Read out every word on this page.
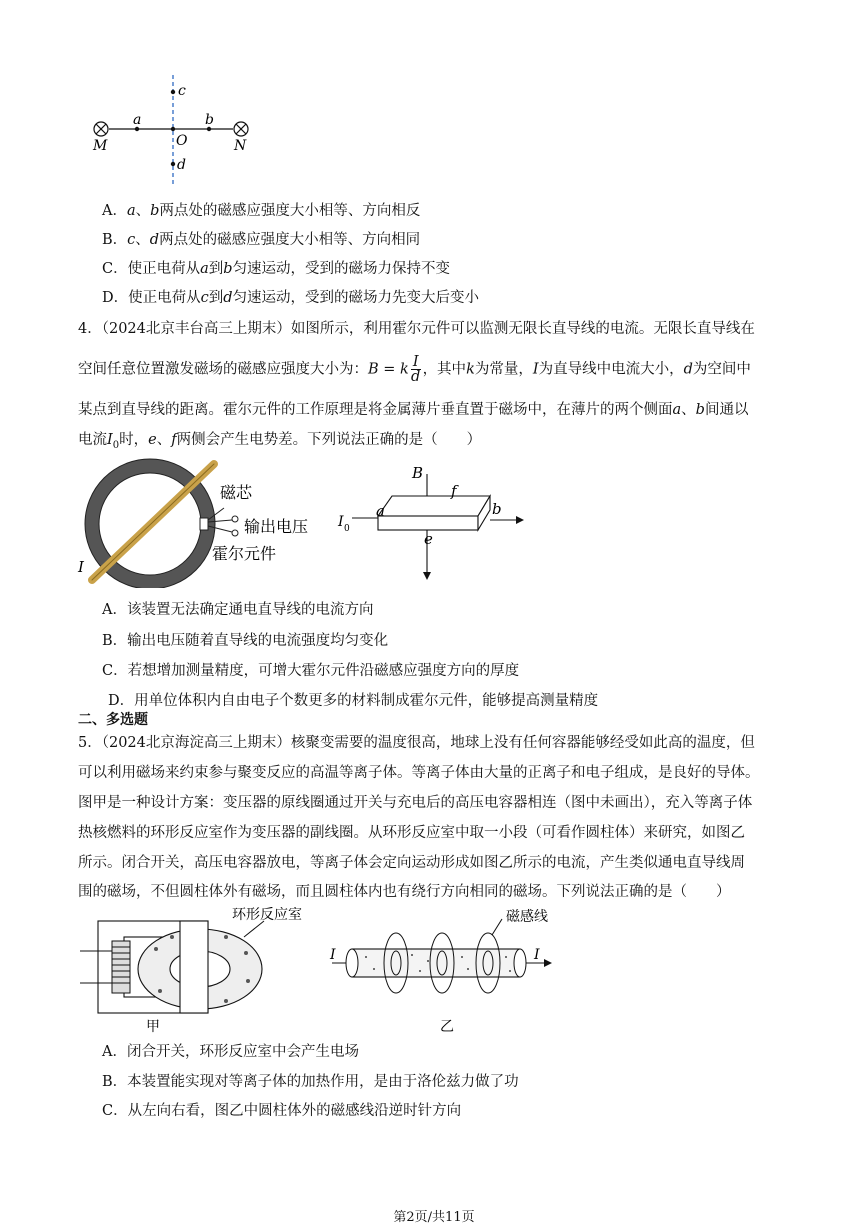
c
a	b
O
d
M	N
A．a、b两点处的磁感应强度大小相等、方向相反
B．c、d两点处的磁感应强度大小相等、方向相同
C．使正电荷从a到b匀速运动，受到的磁场力保持不变
D．使正电荷从c到d匀速运动，受到的磁场力先变大后变小
4．（2024北京丰台高三上期末）如图所示，利用霍尔元件可以监测无限长直导线的电流。无限长直导线在
空间任意位置激发磁场的磁感应强度大小为：B = k $\frac{I}{d}$ ，其中k为常量，I为直导线中电流大小，d为空间中
某点到直导线的距离。霍尔元件的工作原理是将金属薄片垂直置于磁场中，在薄片的两个侧面a、b间通以
电流$I_0$时，e、f两侧会产生电势差。下列说法正确的是（　　）
磁芯
输出电压
霍尔元件
I
B
f
a	b
e
I 0
A．该装置无法确定通电直导线的电流方向
B．输出电压随着直导线的电流强度均匀变化
C．若想增加测量精度，可增大霍尔元件沿磁感应强度方向的厚度
D．用单位体积内自由电子个数更多的材料制成霍尔元件，能够提高测量精度
二、多选题
5．（2024北京海淀高三上期末）核聚变需要的温度很高，地球上没有任何容器能够经受如此高的温度，但
可以利用磁场来约束参与聚变反应的高温等离子体。等离子体由大量的正离子和电子组成，是良好的导体。
图甲是一种设计方案：变压器的原线圈通过开关与充电后的高压电容器相连（图中未画出），充入等离子体
热核燃料的环形反应室作为变压器的副线圈。从环形反应室中取一小段（可看作圆柱体）来研究，如图乙
所示。闭合开关，高压电容器放电，等离子体会定向运动形成如图乙所示的电流，产生类似通电直导线周
围的磁场，不但圆柱体外有磁场，而且圆柱体内也有绕行方向相同的磁场。下列说法正确的是（　　）
环形反应室
甲
磁感线
I	I
乙
A．闭合开关，环形反应室中会产生电场
B．本装置能实现对等离子体的加热作用，是由于洛伦兹力做了功
C．从左向右看，图乙中圆柱体外的磁感线沿逆时针方向
第2页/共11页
